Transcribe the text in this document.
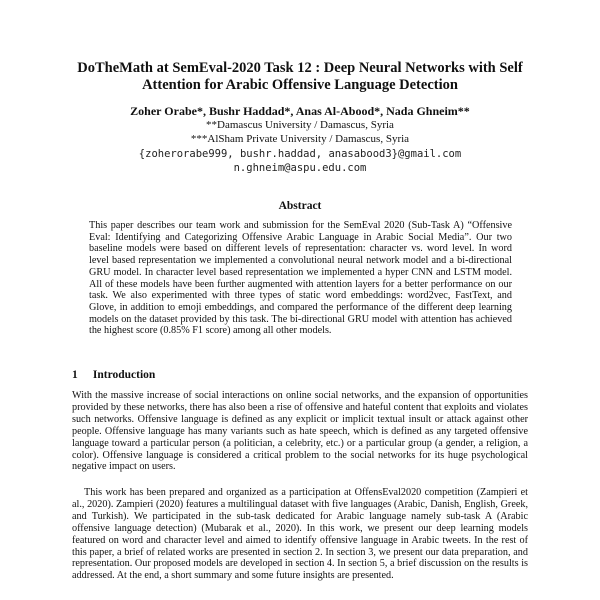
DoTheMath at SemEval-2020 Task 12 : Deep Neural Networks with Self Attention for Arabic Offensive Language Detection
Zoher Orabe*, Bushr Haddad*, Anas Al-Abood*, Nada Ghneim**
**Damascus University / Damascus, Syria
***AlSham Private University / Damascus, Syria
{zoherorabe999, bushr.haddad, anasabood3}@gmail.com
n.ghneim@aspu.edu.com
Abstract

This paper describes our team work and submission for the SemEval 2020 (Sub-Task A) “Offensive Eval: Identifying and Categorizing Offensive Arabic Language in Arabic Social Media”. Our two baseline models were based on different levels of representation: character vs. word level. In word level based representation we implemented a convolutional neural network model and a bi-directional GRU model. In character level based representation we implemented a hyper CNN and LSTM model. All of these models have been further augmented with attention layers for a better performance on our task. We also experimented with three types of static word embeddings: word2vec, FastText, and Glove, in addition to emoji embeddings, and compared the performance of the different deep learning models on the dataset provided by this task. The bi-directional GRU model with attention has achieved the highest score (0.85% F1 score) among all other models.

1 Introduction

With the massive increase of social interactions on online social networks, and the expansion of opportunities provided by these networks, there has also been a rise of offensive and hateful content that exploits and violates such networks. Offensive language is defined as any explicit or implicit textual insult or attack against other people. Offensive language has many variants such as hate speech, which is defined as any targeted offensive language toward a particular person (a politician, a celebrity, etc.) or a particular group (a gender, a religion, a color). Offensive language is considered a critical problem to the social networks for its huge psychological negative impact on users.

This work has been prepared and organized as a participation at OffensEval2020 competition (Zampieri et al., 2020). Zampieri (2020) features a multilingual dataset with five languages (Arabic, Danish, English, Greek, and Turkish). We participated in the sub-task dedicated for Arabic language namely sub-task A (Arabic offensive language detection) (Mubarak et al., 2020). In this work, we present our deep learning models featured on word and character level and aimed to identify offensive language in Arabic tweets. In the rest of this paper, a brief of related works are presented in section 2. In section 3, we present our data preparation, and representation. Our proposed models are developed in section 4. In section 5, a brief discussion on the results is addressed. At the end, a short summary and some future insights are presented.
